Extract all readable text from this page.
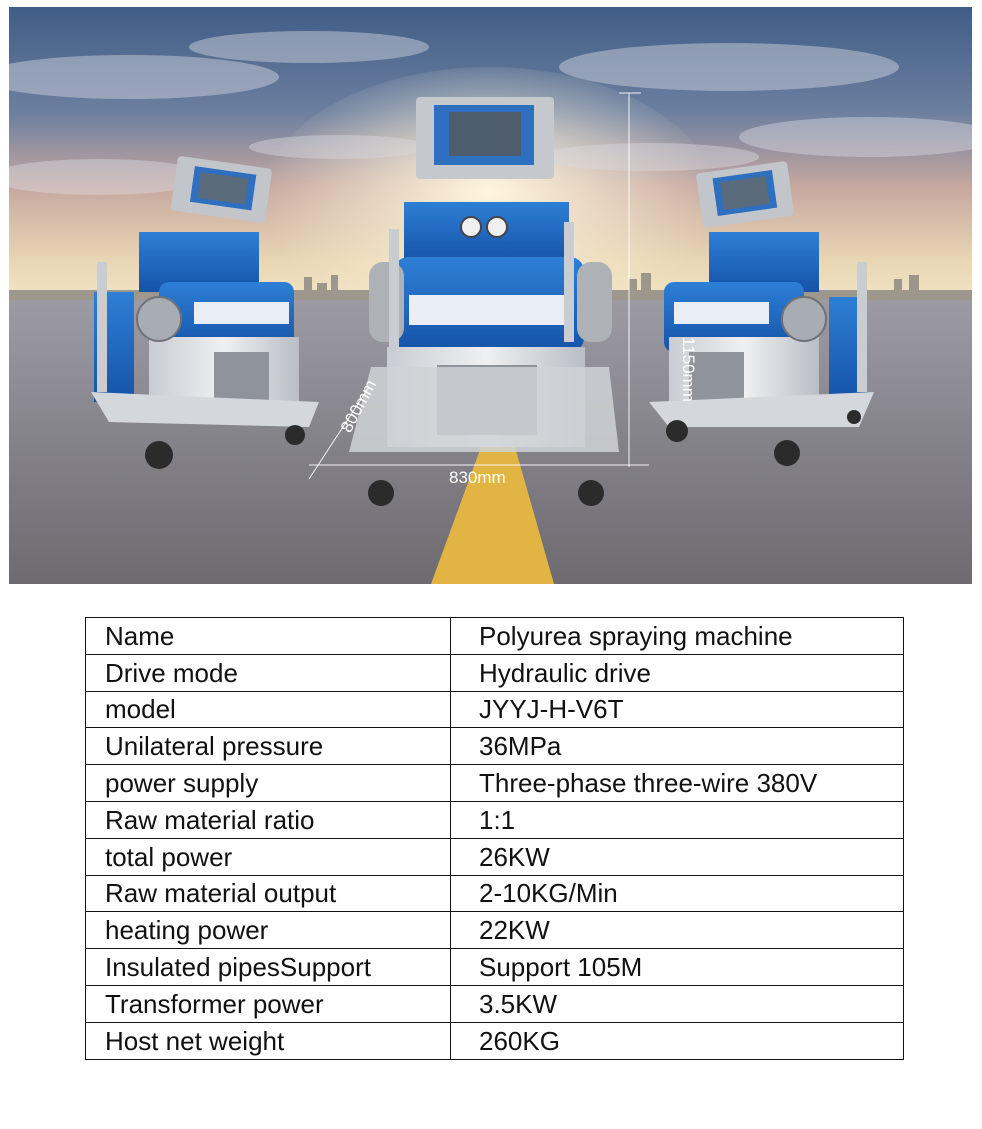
800mm
830mm
1150mm
Name	Polyurea spraying machine
Drive mode	Hydraulic drive
model	JYYJ-H-V6T
Unilateral pressure	36MPa
power supply	Three-phase three-wire 380V
Raw material ratio	1:1
total power	26KW
Raw material output	2-10KG/Min
heating power	22KW
Insulated pipesSupport	Support 105M
Transformer power	3.5KW
Host net weight	260KG
